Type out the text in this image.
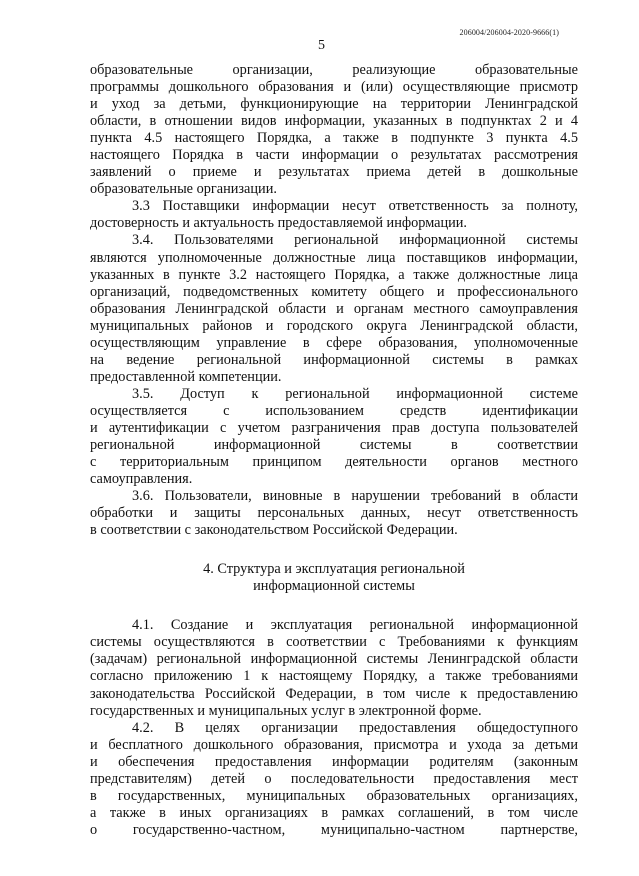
206004/206004-2020-9666(1)
5
образовательные организации, реализующие образовательные
программы дошкольного образования и (или) осуществляющие присмотр
и уход за детьми, функционирующие на территории Ленинградской
области, в отношении видов информации, указанных в подпунктах 2 и 4
пункта 4.5 настоящего Порядка, а также в подпункте 3 пункта 4.5
настоящего Порядка в части информации о результатах рассмотрения
заявлений о приеме и результатах приема детей в дошкольные
образовательные организации.
3.3 Поставщики информации несут ответственность за полноту,
достоверность и актуальность предоставляемой информации.
3.4. Пользователями региональной информационной системы
являются уполномоченные должностные лица поставщиков информации,
указанных в пункте 3.2 настоящего Порядка, а также должностные лица
организаций, подведомственных комитету общего и профессионального
образования Ленинградской области и органам местного самоуправления
муниципальных районов и городского округа Ленинградской области,
осуществляющим управление в сфере образования, уполномоченные
на ведение региональной информационной системы в рамках
предоставленной компетенции.
3.5. Доступ к региональной информационной системе
осуществляется с использованием средств идентификации
и аутентификации с учетом разграничения прав доступа пользователей
региональной информационной системы в соответствии
с территориальным принципом деятельности органов местного
самоуправления.
3.6. Пользователи, виновные в нарушении требований в области
обработки и защиты персональных данных, несут ответственность
в соответствии с законодательством Российской Федерации.
4. Структура и эксплуатация региональной
информационной системы
4.1. Создание и эксплуатация региональной информационной
системы осуществляются в соответствии с Требованиями к функциям
(задачам) региональной информационной системы Ленинградской области
согласно приложению 1 к настоящему Порядку, а также требованиями
законодательства Российской Федерации, в том числе к предоставлению
государственных и муниципальных услуг в электронной форме.
4.2. В целях организации предоставления общедоступного
и бесплатного дошкольного образования, присмотра и ухода за детьми
и обеспечения предоставления информации родителям (законным
представителям) детей о последовательности предоставления мест
в государственных, муниципальных образовательных организациях,
а также в иных организациях в рамках соглашений, в том числе
о государственно-частном, муниципально-частном партнерстве,
